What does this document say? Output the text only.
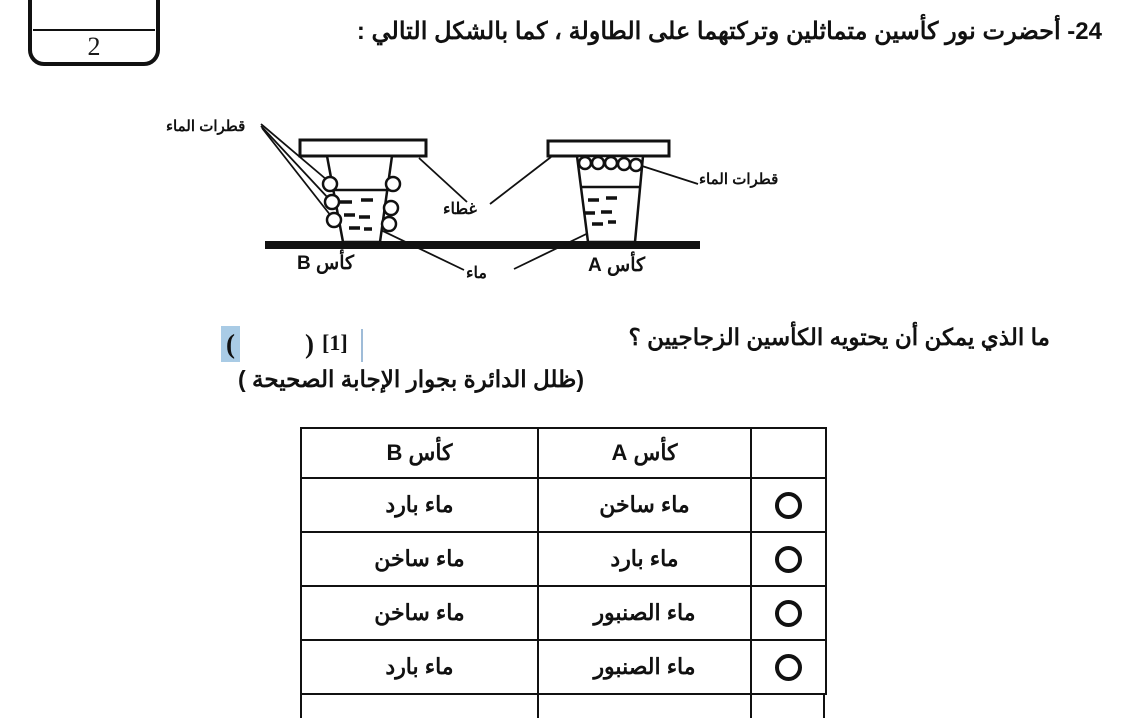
2
24- أحضرت نور كأسين متماثلين وتركتهما على الطاولة ، كما بالشكل التالي :
قطرات الماء
غطاء
قطرات الماء
كأس B	ماء	كأس A
ما الذي يمكن أن يحتويه الكأسين الزجاجيين ؟
(	) [1]
(ظلل الدائرة بجوار الإجابة الصحيحة )
كأس B	كأس A	
ماء بارد	ماء ساخن	

ماء ساخن	ماء بارد	

ماء ساخن	ماء الصنبور	

ماء بارد	ماء الصنبور	
